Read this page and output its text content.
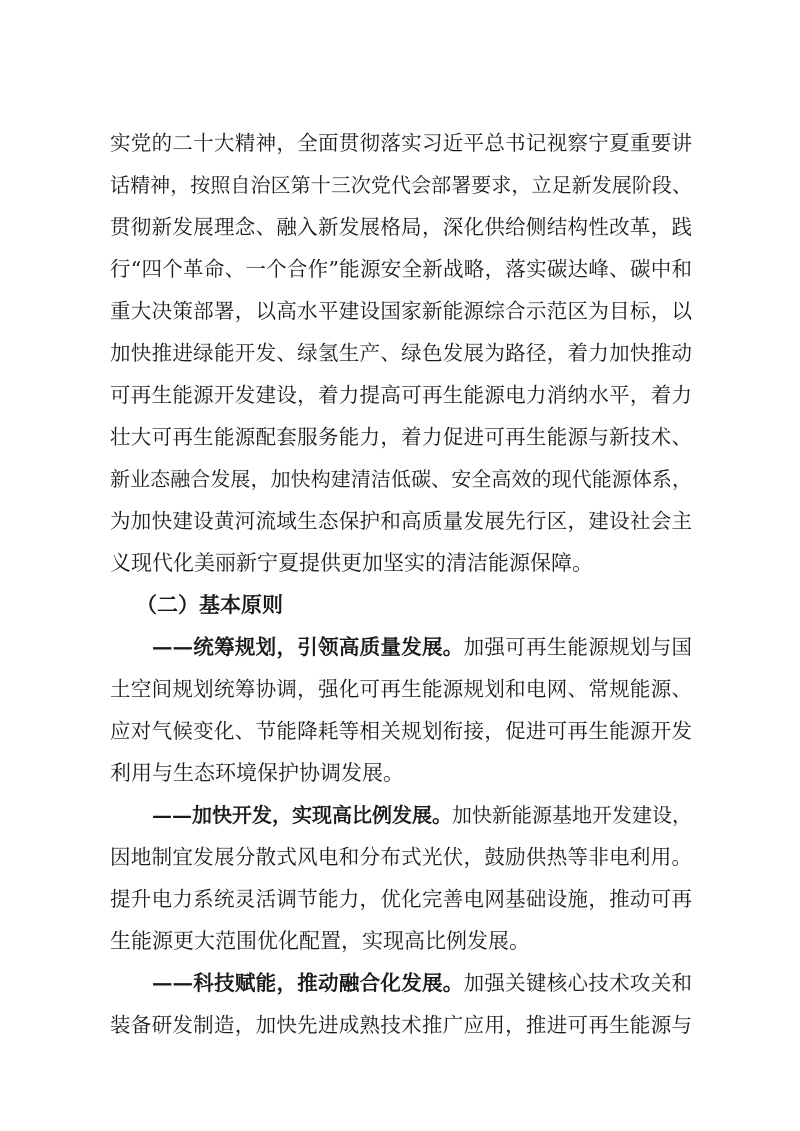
实党的二十大精神，全面贯彻落实习近平总书记视察宁夏重要讲
话精神，按照自治区第十三次党代会部署要求，立足新发展阶段、
贯彻新发展理念、融入新发展格局，深化供给侧结构性改革，践
行“四个革命、一个合作”能源安全新战略，落实碳达峰、碳中和
重大决策部署，以高水平建设国家新能源综合示范区为目标，以
加快推进绿能开发、绿氢生产、绿色发展为路径，着力加快推动
可再生能源开发建设，着力提高可再生能源电力消纳水平，着力
壮大可再生能源配套服务能力，着力促进可再生能源与新技术、
新业态融合发展，加快构建清洁低碳、安全高效的现代能源体系，
为加快建设黄河流域生态保护和高质量发展先行区，建设社会主
义现代化美丽新宁夏提供更加坚实的清洁能源保障。
（二）基本原则
——统筹规划，引领高质量发展。加强可再生能源规划与国
土空间规划统筹协调，强化可再生能源规划和电网、常规能源、
应对气候变化、节能降耗等相关规划衔接，促进可再生能源开发
利用与生态环境保护协调发展。
——加快开发，实现高比例发展。加快新能源基地开发建设，
因地制宜发展分散式风电和分布式光伏，鼓励供热等非电利用。
提升电力系统灵活调节能力，优化完善电网基础设施，推动可再
生能源更大范围优化配置，实现高比例发展。
——科技赋能，推动融合化发展。加强关键核心技术攻关和
装备研发制造，加快先进成熟技术推广应用，推进可再生能源与
